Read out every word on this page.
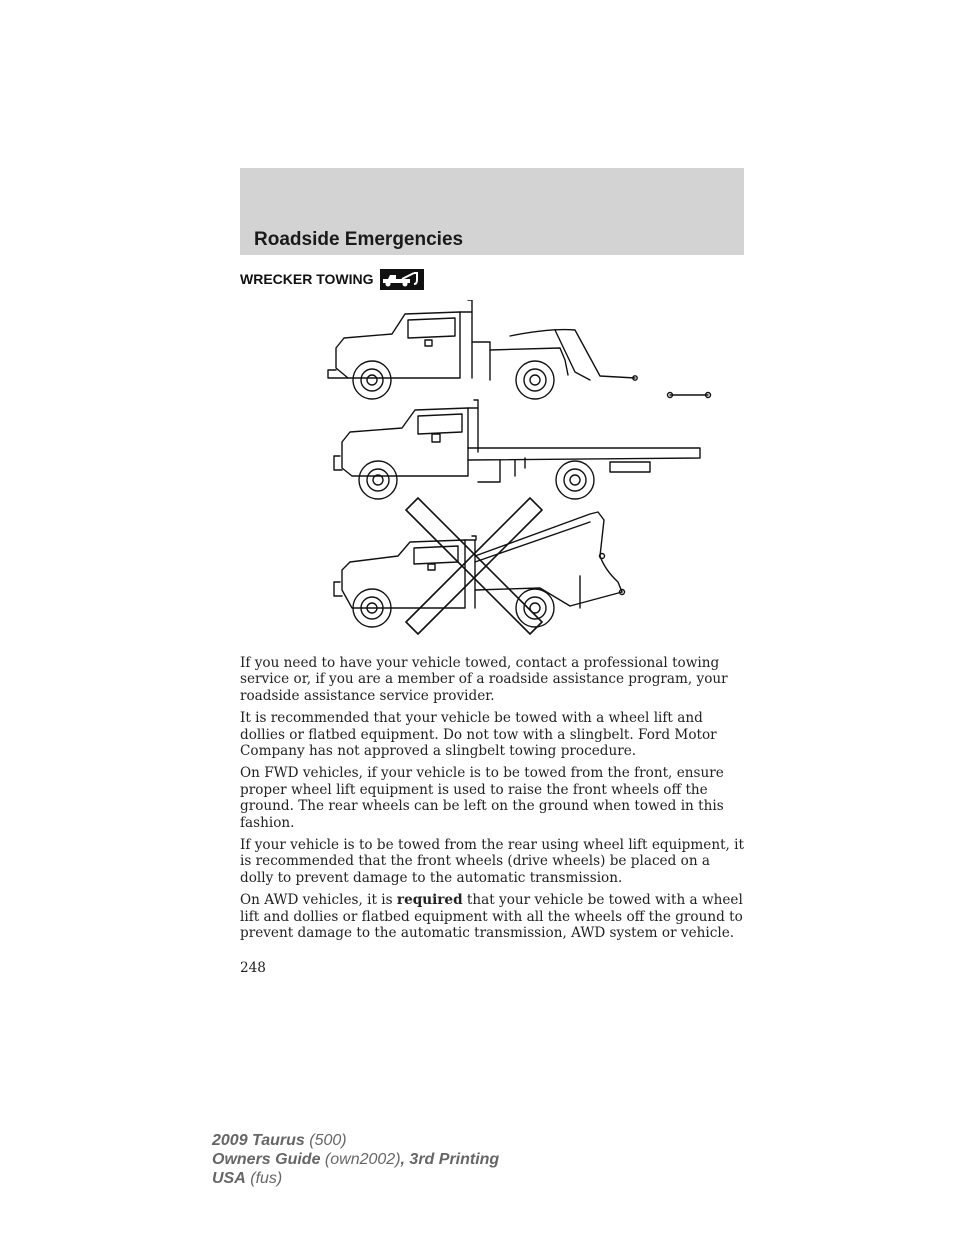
Roadside Emergencies
WRECKER TOWING

If you need to have your vehicle towed, contact a professional towing service or, if you are a member of a roadside assistance program, your roadside assistance service provider.

It is recommended that your vehicle be towed with a wheel lift and dollies or flatbed equipment. Do not tow with a slingbelt. Ford Motor Company has not approved a slingbelt towing procedure.

On FWD vehicles, if your vehicle is to be towed from the front, ensure proper wheel lift equipment is used to raise the front wheels off the ground. The rear wheels can be left on the ground when towed in this fashion.

If your vehicle is to be towed from the rear using wheel lift equipment, it is recommended that the front wheels (drive wheels) be placed on a dolly to prevent damage to the automatic transmission.

On AWD vehicles, it is required that your vehicle be towed with a wheel lift and dollies or flatbed equipment with all the wheels off the ground to prevent damage to the automatic transmission, AWD system or vehicle.

248
2009 Taurus (500)
Owners Guide (own2002), 3rd Printing
USA (fus)
